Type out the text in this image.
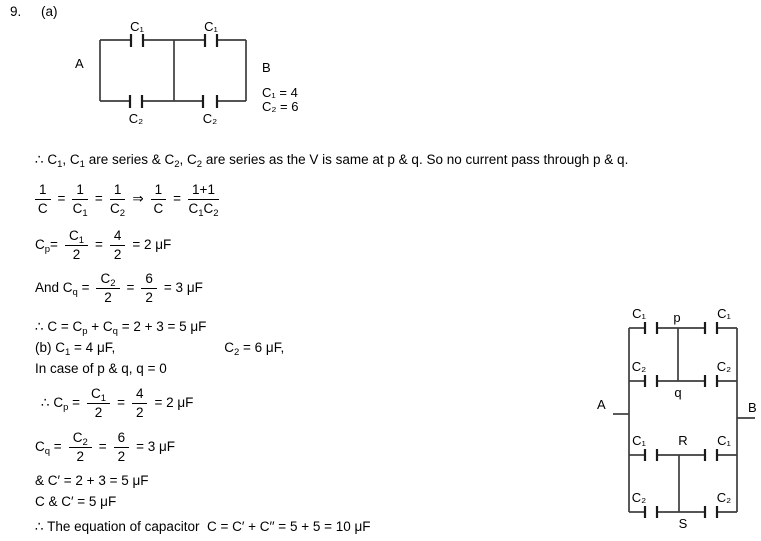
9. (a)
C₁	C₁
C₂	C₂
A	B
C₁ = 4
C₂ = 6
∴ $C_1$, $C_1$ are series & $C_2$, $C_2$ are series as the V is same at p & q. So no current pass through p & q.
$\frac{1}{C} = \frac{1}{C_1} = \frac{1}{C_2}$ ⇒ $\frac{1}{C} = \frac{1+1}{C_1C_2}$
$C_p= \frac{C_1}{2} = \frac{4}{2} = 2$ μF
And $C_q = \frac{C_2}{2} = \frac{6}{2} = 3$ μF
∴ $C = C_p + C_q = 2 + 3 = 5$ μF
(b) $C_1 = 4$ μF,	$C_2 = 6$ μF,
In case of p & q, q = 0
∴ $C_p = \frac{C_1}{2} = \frac{4}{2} = 2$ μF
$C_q = \frac{C_2}{2} = \frac{6}{2} = 3$ μF
& C′ = 2 + 3 = 5 μF
C & C′ = 5 μF
∴ The equation of capacitor  C = C′ + C′′ = 5 + 5 = 10 μF
C₁ p	C₁
C₂	C₂
q
A	B
C₁ R C₁
C₂	C₂
S
